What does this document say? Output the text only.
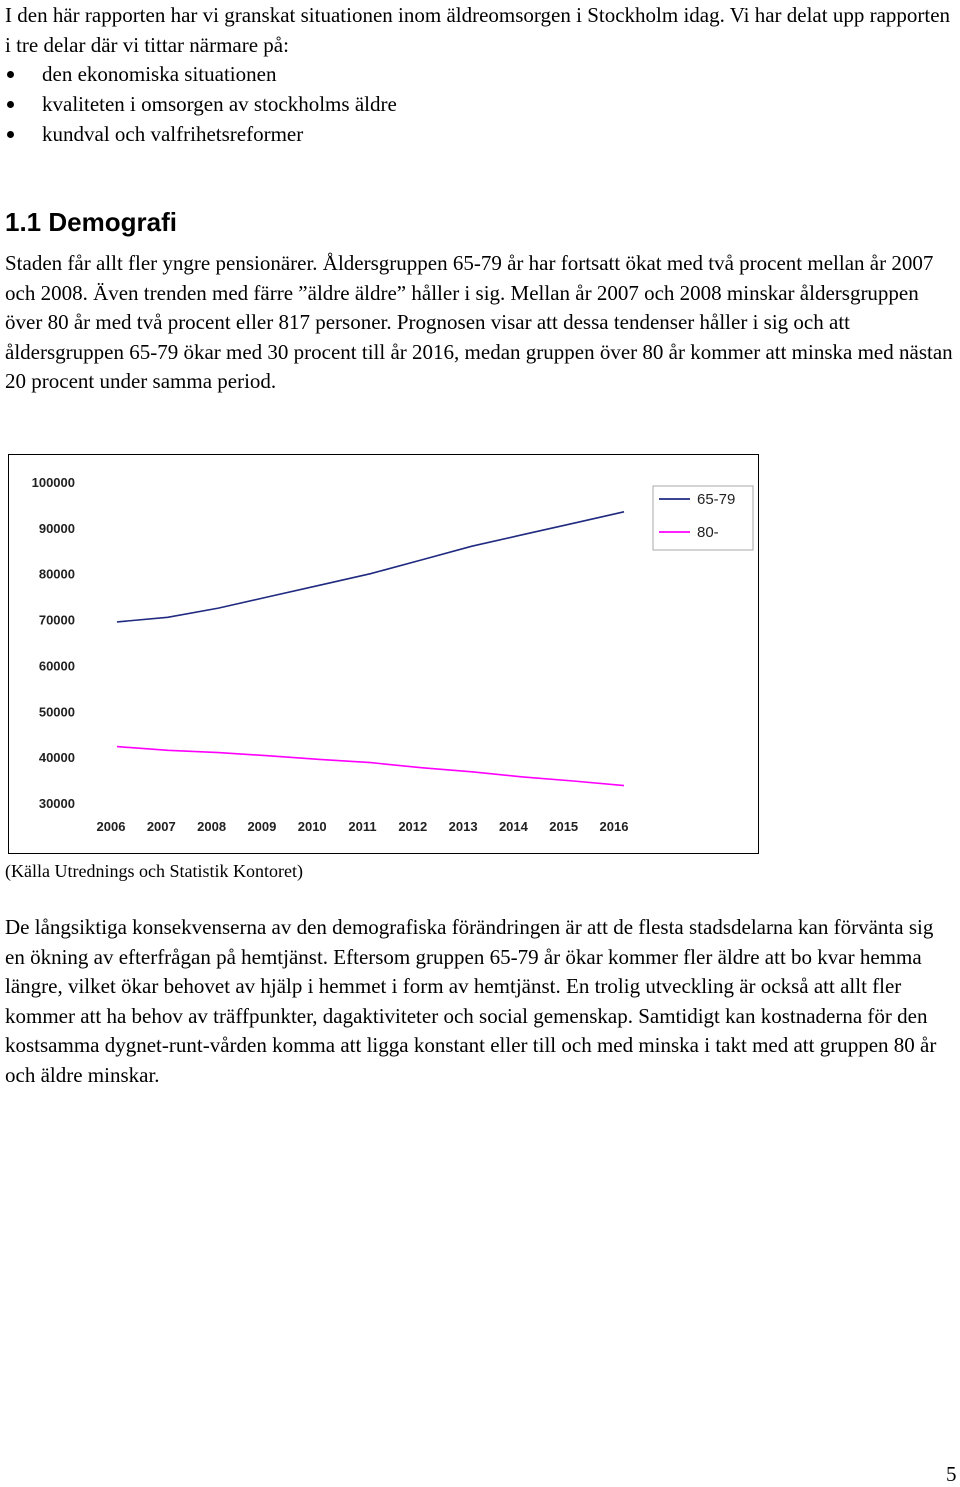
I den här rapporten har vi granskat situationen inom äldreomsorgen i Stockholm idag. Vi har delat upp rapporten i tre delar där vi tittar närmare på:

den ekonomiska situationen
kvaliteten i omsorgen av stockholms äldre
kundval och valfrihetsreformer
1.1 Demografi

Staden får allt fler yngre pensionärer. Åldersgruppen 65-79 år har fortsatt ökat med två procent mellan år 2007 och 2008. Även trenden med färre ”äldre äldre” håller i sig. Mellan år 2007 och 2008 minskar åldersgruppen över 80 år med två procent eller 817 personer. Prognosen visar att dessa tendenser håller i sig och att åldersgruppen 65-79 ökar med 30 procent till år 2016, medan gruppen över 80 år kommer att minska med nästan 20 procent under samma period.

100000
90000
80000
70000
60000
50000
40000
30000
2006 2007 2008 2009 2010 2011 2012 2013 2014 2015 2016
65-79
80-

(Källa Utrednings och Statistik Kontoret)

De långsiktiga konsekvenserna av den demografiska förändringen är att de flesta stadsdelarna kan förvänta sig en ökning av efterfrågan på hemtjänst. Eftersom gruppen 65-79 år ökar kommer fler äldre att bo kvar hemma längre, vilket ökar behovet av hjälp i hemmet i form av hemtjänst. En trolig utveckling är också att allt fler kommer att ha behov av träffpunkter, dagaktiviteter och social gemenskap. Samtidigt kan kostnaderna för den kostsamma dygnet-runt-vården komma att ligga konstant eller till och med minska i takt med att gruppen 80 år och äldre minskar.

5
